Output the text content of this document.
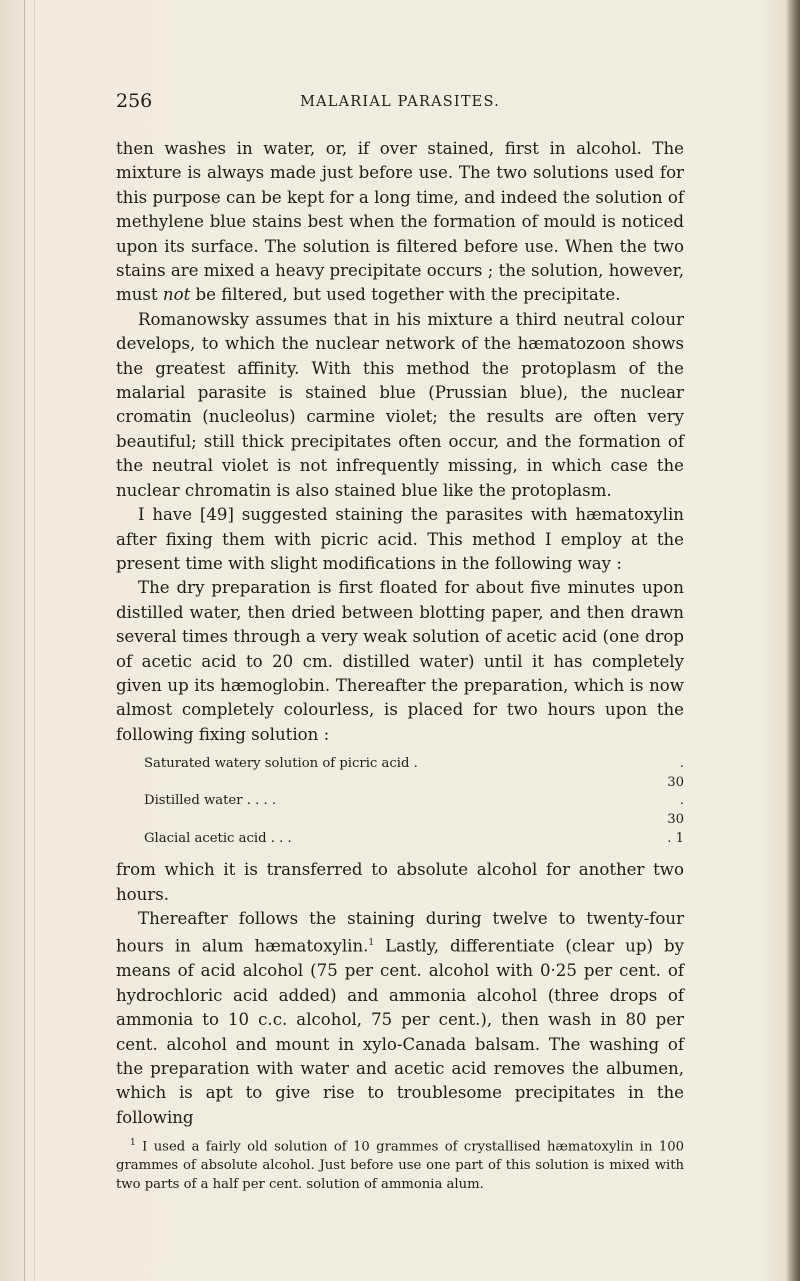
256	MALARIAL PARASITES.

then washes in water, or, if over stained, first in alcohol. The mixture is always made just before use. The two solutions used for this purpose can be kept for a long time, and indeed the solution of methylene blue stains best when the formation of mould is noticed upon its surface. The solution is filtered before use. When the two stains are mixed a heavy precipitate occurs ; the solution, however, must not be filtered, but used together with the precipitate.

Romanowsky assumes that in his mixture a third neutral colour develops, to which the nuclear network of the hæmatozoon shows the greatest affinity. With this method the protoplasm of the malarial parasite is stained blue (Prussian blue), the nuclear cromatin (nucleolus) carmine violet; the results are often very beautiful; still thick precipitates often occur, and the formation of the neutral violet is not infrequently missing, in which case the nuclear chromatin is also stained blue like the protoplasm.

I have [49] suggested staining the parasites with hæmatoxylin after fixing them with picric acid. This method I employ at the present time with slight modifications in the following way :

The dry preparation is first floated for about five minutes upon distilled water, then dried between blotting paper, and then drawn several times through a very weak solution of acetic acid (one drop of acetic acid to 20 cm. distilled water) until it has completely given up its hæmoglobin. Thereafter the preparation, which is now almost completely colourless, is placed for two hours upon the following fixing solution :

Saturated watery solution of picric acid .	. 30
Distilled water . . . .	. 30
Glacial acetic acid . . .	. 1

from which it is transferred to absolute alcohol for another two hours.

Thereafter follows the staining during twelve to twenty-four hours in alum hæmatoxylin.$^1$ Lastly, differentiate (clear up) by means of acid alcohol (75 per cent. alcohol with 0·25 per cent. of hydrochloric acid added) and ammonia alcohol (three drops of ammonia to 10 c.c. alcohol, 75 per cent.), then wash in 80 per cent. alcohol and mount in xylo-Canada balsam. The washing of the preparation with water and acetic acid removes the albumen, which is apt to give rise to troublesome precipitates in the following

$^1$ I used a fairly old solution of 10 grammes of crystallised hæmatoxylin in 100 grammes of absolute alcohol. Just before use one part of this solution is mixed with two parts of a half per cent. solution of ammonia alum.
